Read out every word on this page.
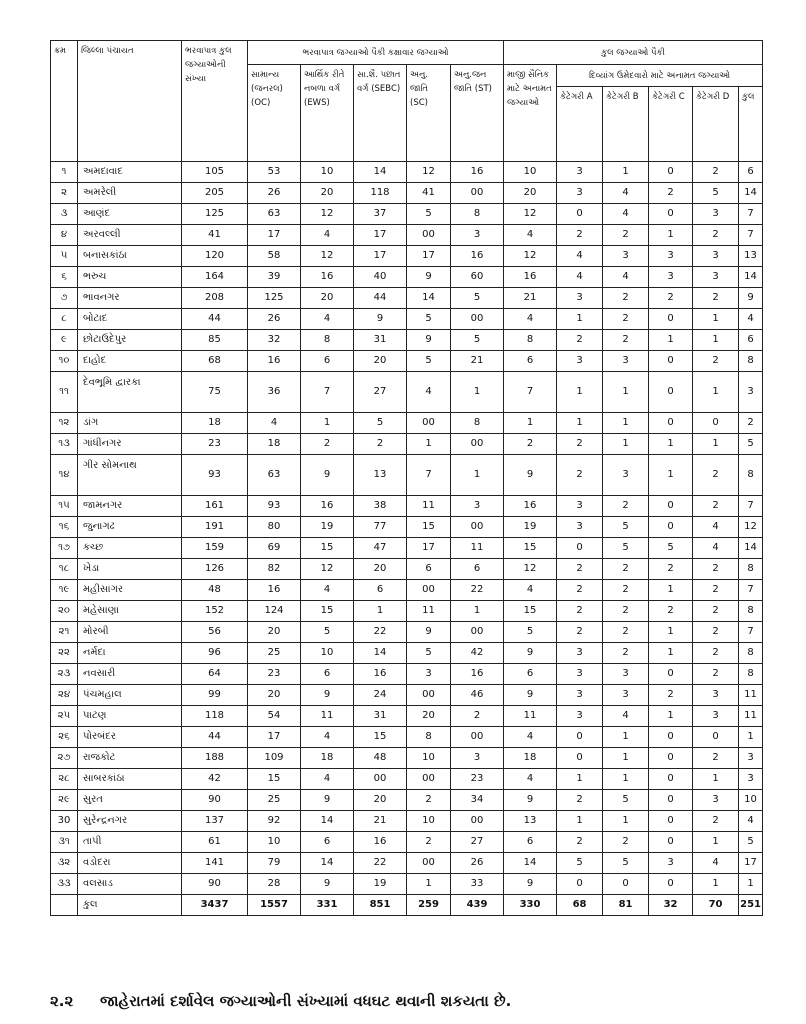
ક્રમ	જિલ્લા પંચાયત	ભરવાપાત્ર કુલ જગ્યાઓની સંખ્યા	ભરવાપાત્ર જગ્યાઓ પૈકી કક્ષાવાર જગ્યાઓ					કુલ જગ્યાઓ પૈકી					
			સામાન્ય (જનરલ) (OC)	આર્થિક રીતે નબળા વર્ગ (EWS)	સા.શૈ. પછાત વર્ગ (SEBC)	અનુ. જાતિ (SC)	અનુ.જન જાતિ (ST)	માજી સૈનિક માટે અનામત જગ્યાઓ	દિવ્યાંગ ઉમેદવારો માટે અનામત જગ્યાઓ				
									કેટેગરી A	કેટેગરી B	કેટેગરી C	કેટેગરી D	કુલ
૧	અમદાવાદ	105	53	10	14	12	16	10	3	1	0	2	6
૨	અમરેલી	205	26	20	118	41	00	20	3	4	2	5	14
૩	આણંદ	125	63	12	37	5	8	12	0	4	0	3	7
૪	અરવલ્લી	41	17	4	17	00	3	4	2	2	1	2	7
૫	બનાસકાંઠા	120	58	12	17	17	16	12	4	3	3	3	13
૬	ભરુચ	164	39	16	40	9	60	16	4	4	3	3	14
૭	ભાવનગર	208	125	20	44	14	5	21	3	2	2	2	9
૮	બોટાદ	44	26	4	9	5	00	4	1	2	0	1	4
૯	છોટાઉદેપુર	85	32	8	31	9	5	8	2	2	1	1	6
૧૦	દાહોદ	68	16	6	20	5	21	6	3	3	0	2	8
૧૧	દેવભૂમિ દ્વારકા	75	36	7	27	4	1	7	1	1	0	1	3
૧૨	ડાંગ	18	4	1	5	00	8	1	1	1	0	0	2
૧૩	ગાંધીનગર	23	18	2	2	1	00	2	2	1	1	1	5
૧૪	ગીર સોમનાથ	93	63	9	13	7	1	9	2	3	1	2	8
૧૫	જામનગર	161	93	16	38	11	3	16	3	2	0	2	7
૧૬	જુનાગઢ	191	80	19	77	15	00	19	3	5	0	4	12
૧૭	કચ્છ	159	69	15	47	17	11	15	0	5	5	4	14
૧૮	ખેડા	126	82	12	20	6	6	12	2	2	2	2	8
૧૯	મહીસાગર	48	16	4	6	00	22	4	2	2	1	2	7
૨૦	મહેસાણા	152	124	15	1	11	1	15	2	2	2	2	8
૨૧	મોરબી	56	20	5	22	9	00	5	2	2	1	2	7
૨૨	નર્મદા	96	25	10	14	5	42	9	3	2	1	2	8
૨૩	નવસારી	64	23	6	16	3	16	6	3	3	0	2	8
૨૪	પંચમહાલ	99	20	9	24	00	46	9	3	3	2	3	11
૨૫	પાટણ	118	54	11	31	20	2	11	3	4	1	3	11
૨૬	પોરબંદર	44	17	4	15	8	00	4	0	1	0	0	1
૨૭	રાજકોટ	188	109	18	48	10	3	18	0	1	0	2	3
૨૮	સાબરકાંઠા	42	15	4	00	00	23	4	1	1	0	1	3
૨૯	સુરત	90	25	9	20	2	34	9	2	5	0	3	10
30	સુરેન્દ્રનગર	137	92	14	21	10	00	13	1	1	0	2	4
૩૧	તાપી	61	10	6	16	2	27	6	2	2	0	1	5
૩૨	વડોદરા	141	79	14	22	00	26	14	5	5	3	4	17
૩૩	વલસાડ	90	28	9	19	1	33	9	0	0	0	1	1
	કુલ	3437	1557	331	851	259	439	330	68	81	32	70	251
૨.૨ જાહેરાતમાં દર્શાવેલ જગ્યાઓની સંખ્યામાં વધઘટ થવાની શકયતા છે.
